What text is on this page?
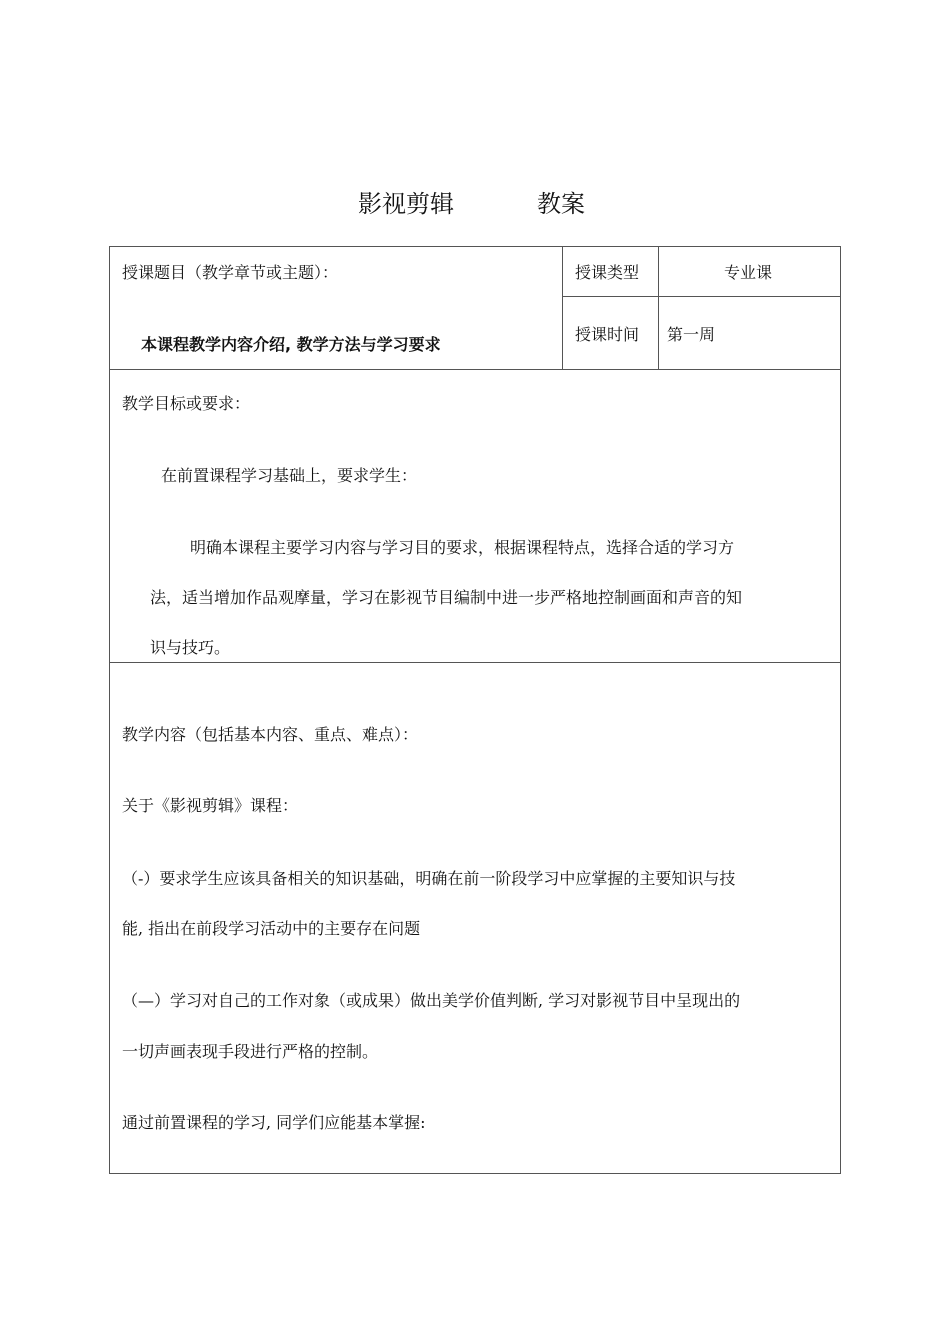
影视剪辑	教案
授课题目（教学章节或主题）：
本课程教学内容介绍, 教学方法与学习要求
授课类型	专业课
授课时间 第一周
教学目标或要求：
在前置课程学习基础上，要求学生：
明确本课程主要学习内容与学习目的要求，根据课程特点，选择合适的学习方
法，适当增加作品观摩量，学习在影视节目编制中进一步严格地控制画面和声音的知
识与技巧。
教学内容（包括基本内容、重点、难点）：
关于《影视剪辑》课程：
（-）要求学生应该具备相关的知识基础，明确在前一阶段学习中应掌握的主要知识与技
能, 指出在前段学习活动中的主要存在问题
（—）学习对自己的工作对象（或成果）做出美学价值判断, 学习对影视节目中呈现出的
一切声画表现手段进行严格的控制。
通过前置课程的学习, 同学们应能基本掌握:
